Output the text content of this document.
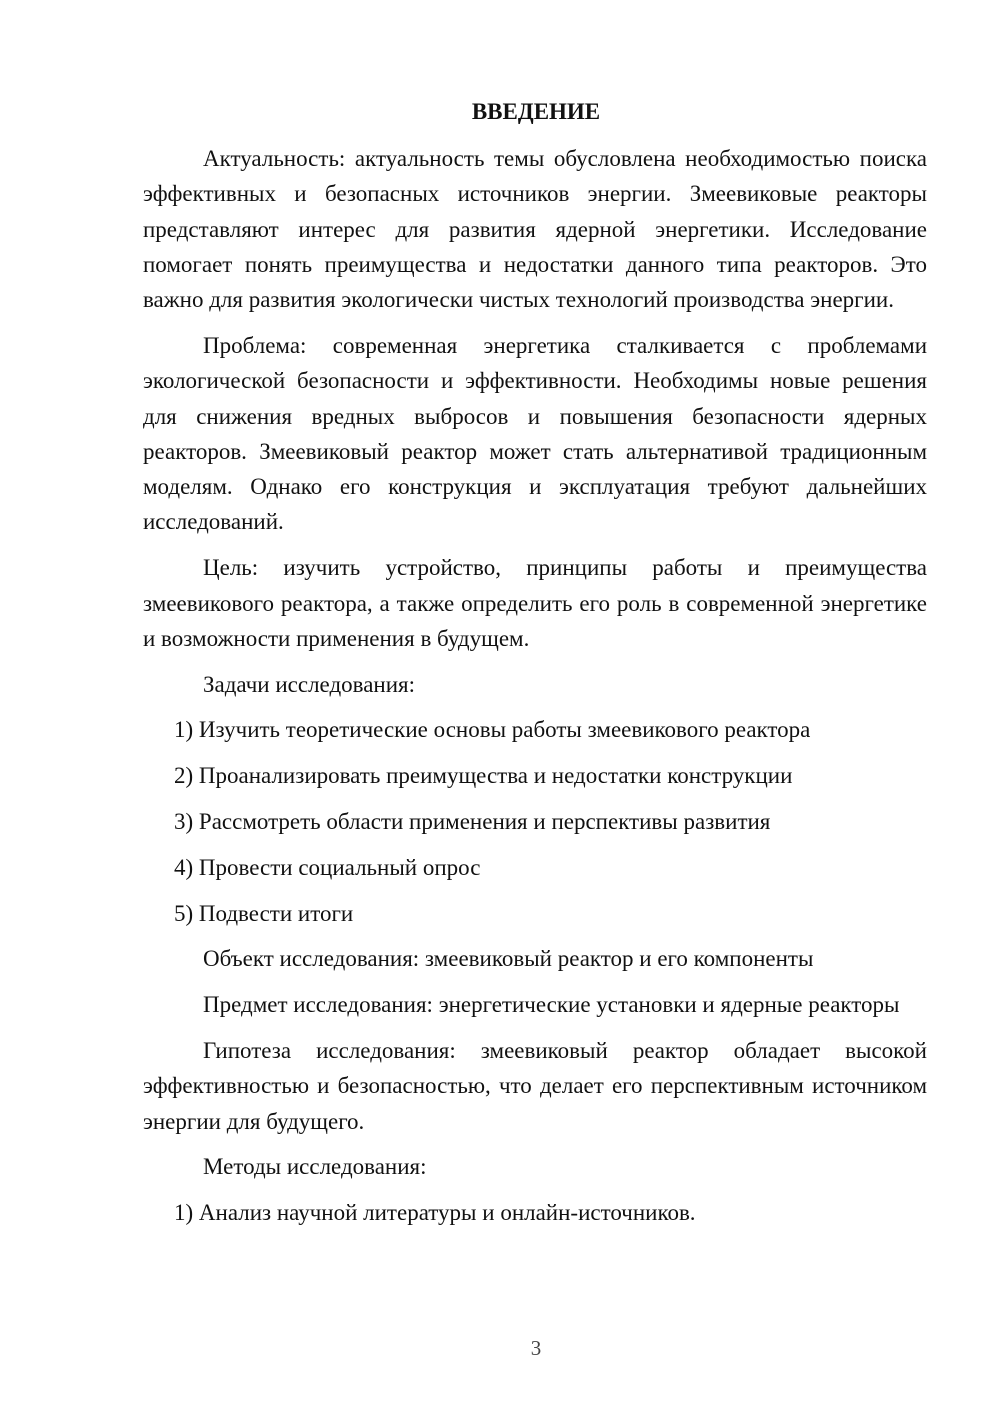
ВВЕДЕНИЕ

Актуальность: актуальность темы обусловлена необходимостью поиска эффективных и безопасных источников энергии. Змеевиковые реакторы представляют интерес для развития ядерной энергетики. Исследование помогает понять преимущества и недостатки данного типа реакторов. Это важно для развития экологически чистых технологий производства энергии.

Проблема: современная энергетика сталкивается с проблемами экологической безопасности и эффективности. Необходимы новые решения для снижения вредных выбросов и повышения безопасности ядерных реакторов. Змеевиковый реактор может стать альтернативой традиционным моделям. Однако его конструкция и эксплуатация требуют дальнейших исследований.

Цель: изучить устройство, принципы работы и преимущества змеевикового реактора, а также определить его роль в современной энергетике и возможности применения в будущем.

Задачи исследования:

1) Изучить теоретические основы работы змеевикового реактора

2) Проанализировать преимущества и недостатки конструкции

3) Рассмотреть области применения и перспективы развития

4) Провести социальный опрос

5) Подвести итоги

Объект исследования: змеевиковый реактор и его компоненты

Предмет исследования: энергетические установки и ядерные реакторы

Гипотеза исследования: змеевиковый реактор обладает высокой эффективностью и безопасностью, что делает его перспективным источником энергии для будущего.

Методы исследования:

1) Анализ научной литературы и онлайн-источников.

3
